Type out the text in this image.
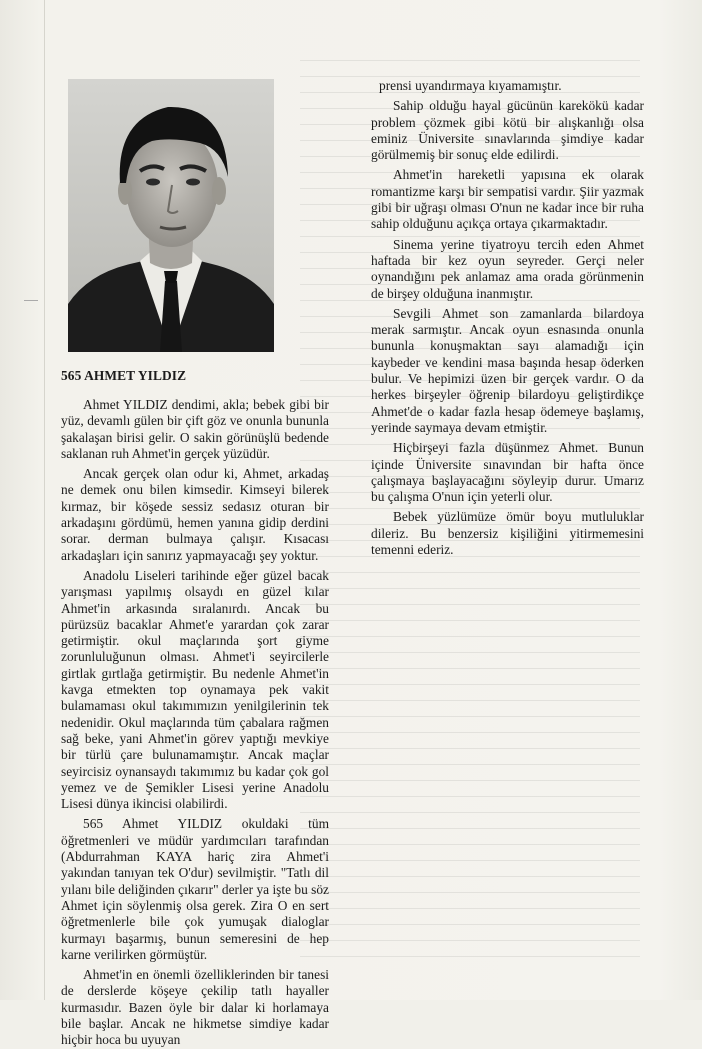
565 AHMET YILDIZ

Ahmet YILDIZ dendimi, akla; bebek gibi bir yüz, devamlı gülen bir çift göz ve onunla bununla şakalaşan birisi gelir. O sakin görünüşlü bedende saklanan ruh Ahmet'in gerçek yüzüdür.

Ancak gerçek olan odur ki, Ahmet, arkadaş ne demek onu bilen kimsedir. Kimseyi bilerek kırmaz, bir köşede sessiz sedasız oturan bir arkadaşını gördümü, hemen yanına gidip derdini sorar. derman bulmaya çalışır. Kısacası arkadaşları için sanırız yapmayacağı şey yoktur.

Anadolu Liseleri tarihinde eğer güzel bacak yarışması yapılmış olsaydı en güzel kılar Ahmet'in arkasında sıralanırdı. Ancak bu pürüzsüz bacaklar Ahmet'e yarardan çok zarar getirmiştir. okul maçlarında şort giyme zorunluluğunun olması. Ahmet'i seyircilerle girtlak gırtlağa getirmiştir. Bu nedenle Ahmet'in kavga etmekten top oynamaya pek vakit bulamaması okul takımımızın yenilgilerinin tek nedenidir. Okul maçlarında tüm çabalara rağmen sağ beke, yani Ahmet'in görev yaptığı mevkiye bir türlü çare bulunamamıştır. Ancak maçlar seyircisiz oynansaydı takımımız bu kadar çok gol yemez ve de Şemikler Lisesi yerine Anadolu Lisesi dünya ikincisi olabilirdi.

565 Ahmet YILDIZ okuldaki tüm öğretmenleri ve müdür yardımcıları tarafından (Abdurrahman KAYA hariç zira Ahmet'i yakından tanıyan tek O'dur) sevilmiştir. "Tatlı dil yılanı bile deliğinden çıkarır" derler ya işte bu söz Ahmet için söylenmiş olsa gerek. Zira O en sert öğretmenlerle bile çok yumuşak dialoglar kurmayı başarmış, bunun semeresini de hep karne verilirken görmüştür.

Ahmet'in en önemli özelliklerinden bir tanesi de derslerde köşeye çekilip tatlı hayaller kurmasıdır. Bazen öyle bir dalar ki horlamaya bile başlar. Ancak ne hikmetse simdiye kadar hiçbir hoca bu uyuyan

prensi uyandırmaya kıyamamıştır.

Sahip olduğu hayal gücünün karekökü kadar problem çözmek gibi kötü bir alışkanlığı olsa eminiz Üniversite sınavlarında şimdiye kadar görülmemiş bir sonuç elde edilirdi.

Ahmet'in hareketli yapısına ek olarak romantizme karşı bir sempatisi vardır. Şiir yazmak gibi bir uğraşı olması O'nun ne kadar ince bir ruha sahip olduğunu açıkça ortaya çıkarmaktadır.

Sinema yerine tiyatroyu tercih eden Ahmet haftada bir kez oyun seyreder. Gerçi neler oynandığını pek anlamaz ama orada görünmenin de birşey olduğuna inanmıştır.

Sevgili Ahmet son zamanlarda bilardoya merak sarmıştır. Ancak oyun esnasında onunla bununla konuşmaktan sayı alamadığı için kaybeder ve kendini masa başında hesap öderken bulur. Ve hepimizi üzen bir gerçek vardır. O da herkes birşeyler öğrenip bilardoyu geliştirdikçe Ahmet'de o kadar fazla hesap ödemeye başlamış, yerinde saymaya devam etmiştir.

Hiçbirşeyi fazla düşünmez Ahmet. Bunun içinde Üniversite sınavından bir hafta önce çalışmaya başlayacağını söyleyip durur. Umarız bu çalışma O'nun için yeterli olur.

Bebek yüzlümüze ömür boyu mutluluklar dileriz. Bu benzersiz kişiliğini yitirmemesini temenni ederiz.
